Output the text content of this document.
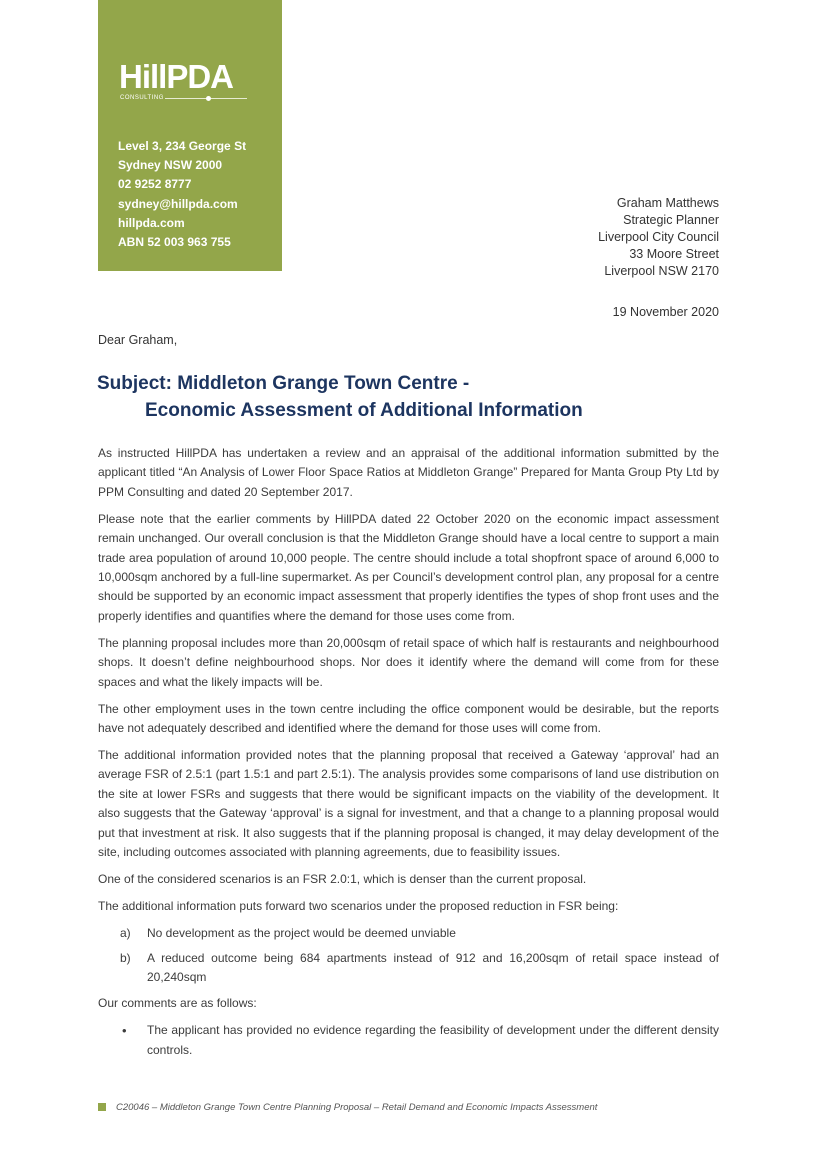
HillPDA
CONSULTING
Level 3, 234 George St
Sydney NSW 2000
02 9252 8777
sydney@hillpda.com
hillpda.com
ABN 52 003 963 755
Graham Matthews
Strategic Planner
Liverpool City Council
33 Moore Street
Liverpool NSW 2170
19 November 2020
Dear Graham,
Subject: Middleton Grange Town Centre -
Economic Assessment of Additional Information

As instructed HillPDA has undertaken a review and an appraisal of the additional information submitted by the applicant titled “An Analysis of Lower Floor Space Ratios at Middleton Grange” Prepared for Manta Group Pty Ltd by PPM Consulting and dated 20 September 2017.

Please note that the earlier comments by HillPDA dated 22 October 2020 on the economic impact assessment remain unchanged. Our overall conclusion is that the Middleton Grange should have a local centre to support a main trade area population of around 10,000 people. The centre should include a total shopfront space of around 6,000 to 10,000sqm anchored by a full-line supermarket. As per Council’s development control plan, any proposal for a centre should be supported by an economic impact assessment that properly identifies the types of shop front uses and the properly identifies and quantifies where the demand for those uses come from.

The planning proposal includes more than 20,000sqm of retail space of which half is restaurants and neighbourhood shops. It doesn’t define neighbourhood shops. Nor does it identify where the demand will come from for these spaces and what the likely impacts will be.

The other employment uses in the town centre including the office component would be desirable, but the reports have not adequately described and identified where the demand for those uses will come from.

The additional information provided notes that the planning proposal that received a Gateway ‘approval’ had an average FSR of 2.5:1 (part 1.5:1 and part 2.5:1). The analysis provides some comparisons of land use distribution on the site at lower FSRs and suggests that there would be significant impacts on the viability of the development. It also suggests that the Gateway ‘approval’ is a signal for investment, and that a change to a planning proposal would put that investment at risk. It also suggests that if the planning proposal is changed, it may delay development of the site, including outcomes associated with planning agreements, due to feasibility issues.

One of the considered scenarios is an FSR 2.0:1, which is denser than the current proposal.

The additional information puts forward two scenarios under the proposed reduction in FSR being:

a) No development as the project would be deemed unviable
b) A reduced outcome being 684 apartments instead of 912 and 16,200sqm of retail space instead of 20,240sqm

Our comments are as follows:

• The applicant has provided no evidence regarding the feasibility of development under the different density controls.
C20046 – Middleton Grange Town Centre Planning Proposal – Retail Demand and Economic Impacts Assessment
